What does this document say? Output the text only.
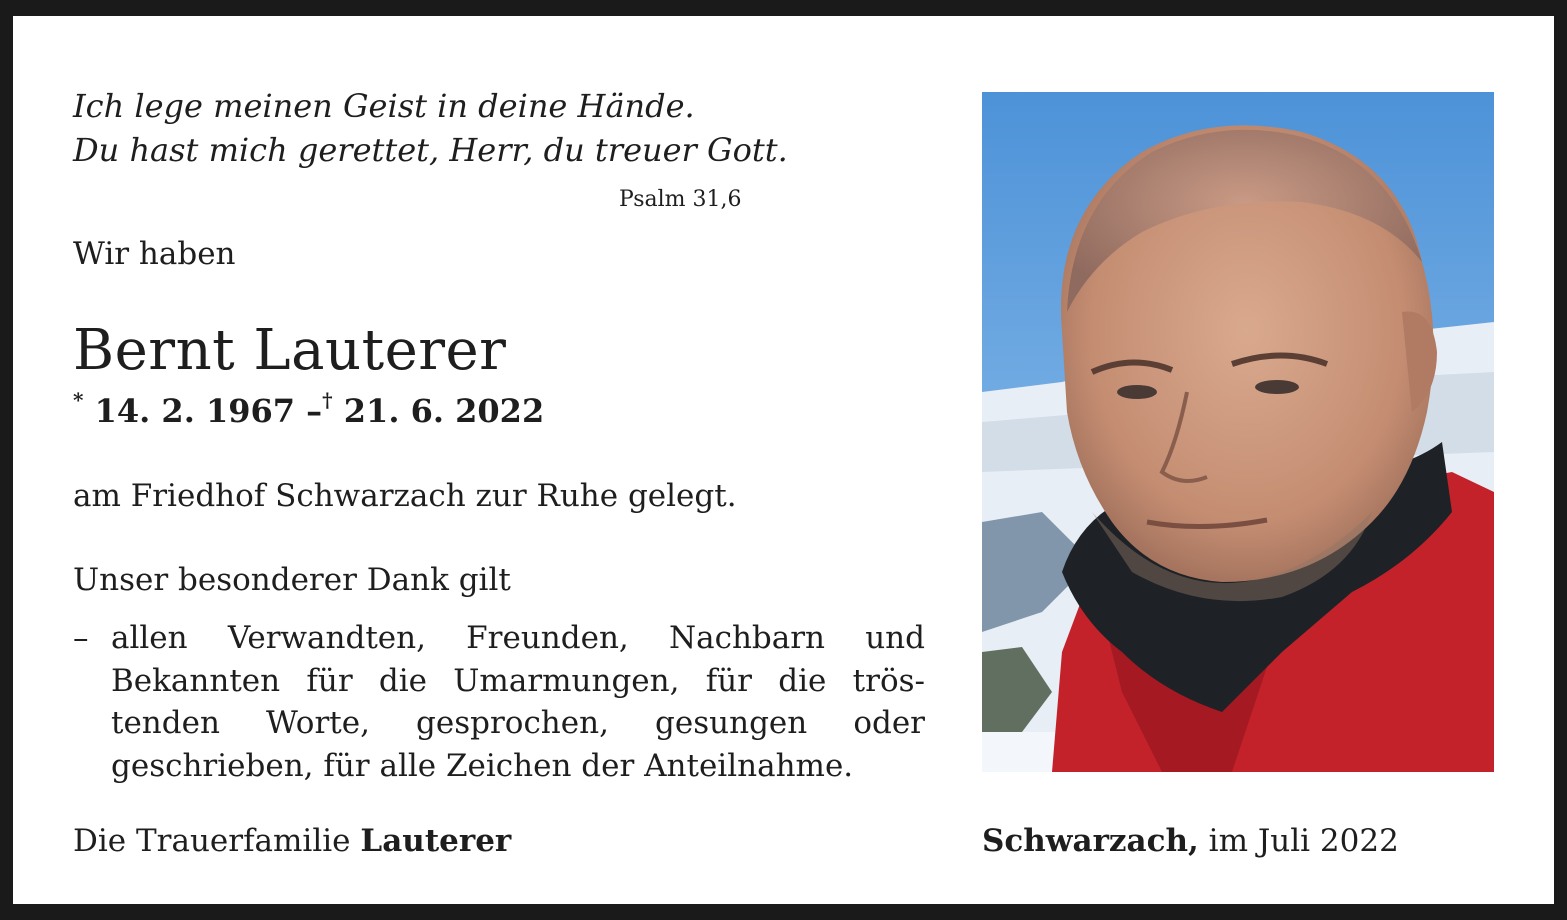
Ich lege meinen Geist in deine Hände.
Du hast mich gerettet, Herr, du treuer Gott.
Psalm 31,6
Wir haben
Bernt Lauterer
* 14. 2. 1967 –† 21. 6. 2022
am Friedhof Schwarzach zur Ruhe gelegt.
Unser besonderer Dank gilt
– allen Verwandten, Freunden, Nachbarn und
Bekannten für die Umarmungen, für die trös-
tenden Worte, gesprochen, gesungen oder
geschrieben, für alle Zeichen der Anteilnahme.
Die Trauerfamilie Lauterer	Schwarzach, im Juli 2022
